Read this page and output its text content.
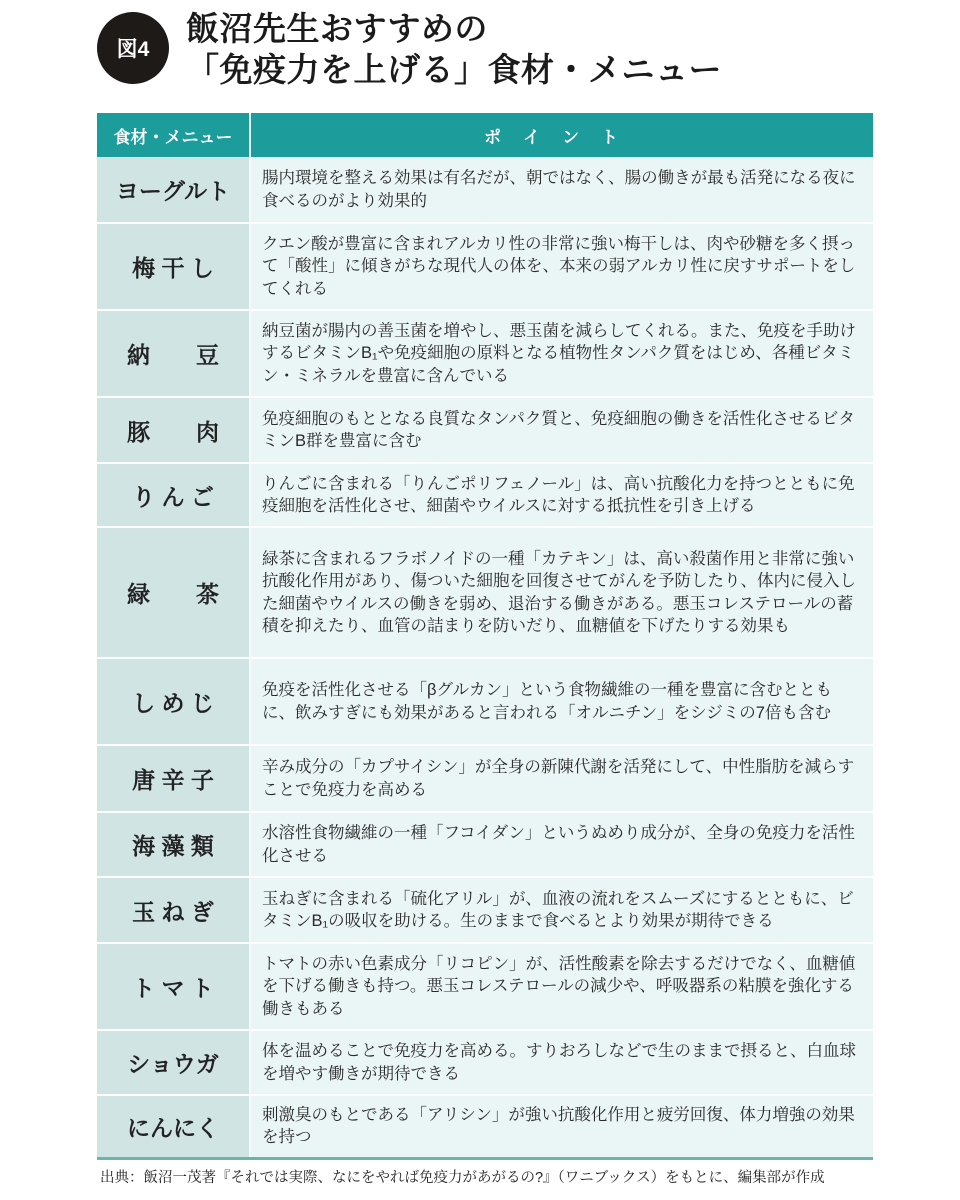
図4
飯沼先生おすすめの
「免疫力を上げる」食材・メニュー
食材・メニュー	ポイント
ヨーグルト	腸内環境を整える効果は有名だが、朝ではなく、腸の働きが最も活発になる夜に食べるのがより効果的
梅 干 し	クエン酸が豊富に含まれアルカリ性の非常に強い梅干しは、肉や砂糖を多く摂って「酸性」に傾きがちな現代人の体を、本来の弱アルカリ性に戻すサポートをしてくれる
納　　豆	納豆菌が腸内の善玉菌を増やし、悪玉菌を減らしてくれる。また、免疫を手助けするビタミンB₁や免疫細胞の原料となる植物性タンパク質をはじめ、各種ビタミン・ミネラルを豊富に含んでいる
豚　　肉	免疫細胞のもととなる良質なタンパク質と、免疫細胞の働きを活性化させるビタミンB群を豊富に含む
り ん ご	りんごに含まれる「りんごポリフェノール」は、高い抗酸化力を持つとともに免疫細胞を活性化させ、細菌やウイルスに対する抵抗性を引き上げる
緑　　茶	緑茶に含まれるフラボノイドの一種「カテキン」は、高い殺菌作用と非常に強い抗酸化作用があり、傷ついた細胞を回復させてがんを予防したり、体内に侵入した細菌やウイルスの働きを弱め、退治する働きがある。悪玉コレステロールの蓄積を抑えたり、血管の詰まりを防いだり、血糖値を下げたりする効果も
し め じ	免疫を活性化させる「βグルカン」という食物繊維の一種を豊富に含むとともに、飲みすぎにも効果があると言われる「オルニチン」をシジミの7倍も含む
唐 辛 子	辛み成分の「カプサイシン」が全身の新陳代謝を活発にして、中性脂肪を減らすことで免疫力を高める
海 藻 類	水溶性食物繊維の一種「フコイダン」というぬめり成分が、全身の免疫力を活性化させる
玉 ね ぎ	玉ねぎに含まれる「硫化アリル」が、血液の流れをスムーズにするとともに、ビタミンB₁の吸収を助ける。生のままで食べるとより効果が期待できる
ト マ ト	トマトの赤い色素成分「リコピン」が、活性酸素を除去するだけでなく、血糖値を下げる働きも持つ。悪玉コレステロールの減少や、呼吸器系の粘膜を強化する働きもある
ショウガ	体を温めることで免疫力を高める。すりおろしなどで生のままで摂ると、白血球を増やす働きが期待できる
にんにく	刺激臭のもとである「アリシン」が強い抗酸化作用と疲労回復、体力増強の効果を持つ
出典：飯沼一茂著『それでは実際、なにをやれば免疫力があがるの?』（ワニブックス）をもとに、編集部が作成
